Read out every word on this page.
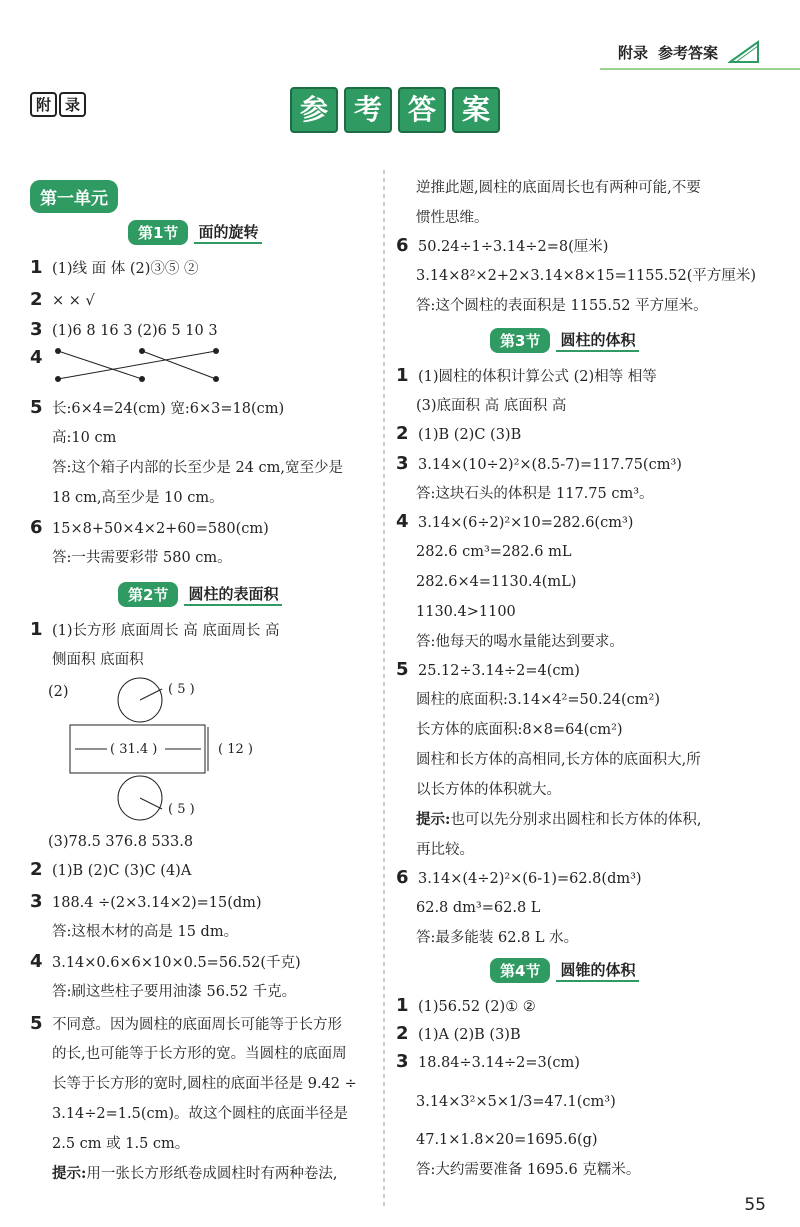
附录 参考答案
附 录	参 考 答 案
第一单元
第1节	面的旋转
1 (1)线 面 体 (2)③⑤ ②
2 × × √
3 (1)6 8 16 3 (2)6 5 10 3
4
5 长:6×4=24(cm) 宽:6×3=18(cm)
高:10 cm
答:这个箱子内部的长至少是 24 cm,宽至少是
18 cm,高至少是 10 cm。
6 15×8+50×4×2+60=580(cm)
答:一共需要彩带 580 cm。
第2节	圆柱的表面积
1 (1)长方形 底面周长 高 底面周长 高
侧面积 底面积
(2)	( 5 )
( 31.4 )	( 12 )
( 5 )
(3)78.5 376.8 533.8
2 (1)B (2)C (3)C (4)A
3 188.4 ÷(2×3.14×2)=15(dm)
答:这根木材的高是 15 dm。
4 3.14×0.6×6×10×0.5=56.52(千克)
答:刷这些柱子要用油漆 56.52 千克。
5 不同意。因为圆柱的底面周长可能等于长方形
的长,也可能等于长方形的宽。当圆柱的底面周
长等于长方形的宽时,圆柱的底面半径是 9.42 ÷
3.14÷2=1.5(cm)。故这个圆柱的底面半径是
2.5 cm 或 1.5 cm。
提示:用一张长方形纸卷成圆柱时有两种卷法,
逆推此题,圆柱的底面周长也有两种可能,不要
惯性思维。
6 50.24÷1÷3.14÷2=8(厘米)
3.14×8²×2+2×3.14×8×15=1155.52(平方厘米)
答:这个圆柱的表面积是 1155.52 平方厘米。
第3节	圆柱的体积
1 (1)圆柱的体积计算公式 (2)相等 相等
(3)底面积 高 底面积 高
2 (1)B (2)C (3)B
3 3.14×(10÷2)²×(8.5-7)=117.75(cm³)
答:这块石头的体积是 117.75 cm³。
4 3.14×(6÷2)²×10=282.6(cm³)
282.6 cm³=282.6 mL
282.6×4=1130.4(mL)
1130.4>1100
答:他每天的喝水量能达到要求。
5 25.12÷3.14÷2=4(cm)
圆柱的底面积:3.14×4²=50.24(cm²)
长方体的底面积:8×8=64(cm²)
圆柱和长方体的高相同,长方体的底面积大,所
以长方体的体积就大。
提示:也可以先分别求出圆柱和长方体的体积,
再比较。
6 3.14×(4÷2)²×(6-1)=62.8(dm³)
62.8 dm³=62.8 L
答:最多能装 62.8 L 水。
第4节	圆锥的体积
1 (1)56.52 (2)① ②
2 (1)A (2)B (3)B
3 18.84÷3.14÷2=3(cm)
3.14×3²×5×1/3=47.1(cm³)
47.1×1.8×20=1695.6(g)
答:大约需要准备 1695.6 克糯米。
55
